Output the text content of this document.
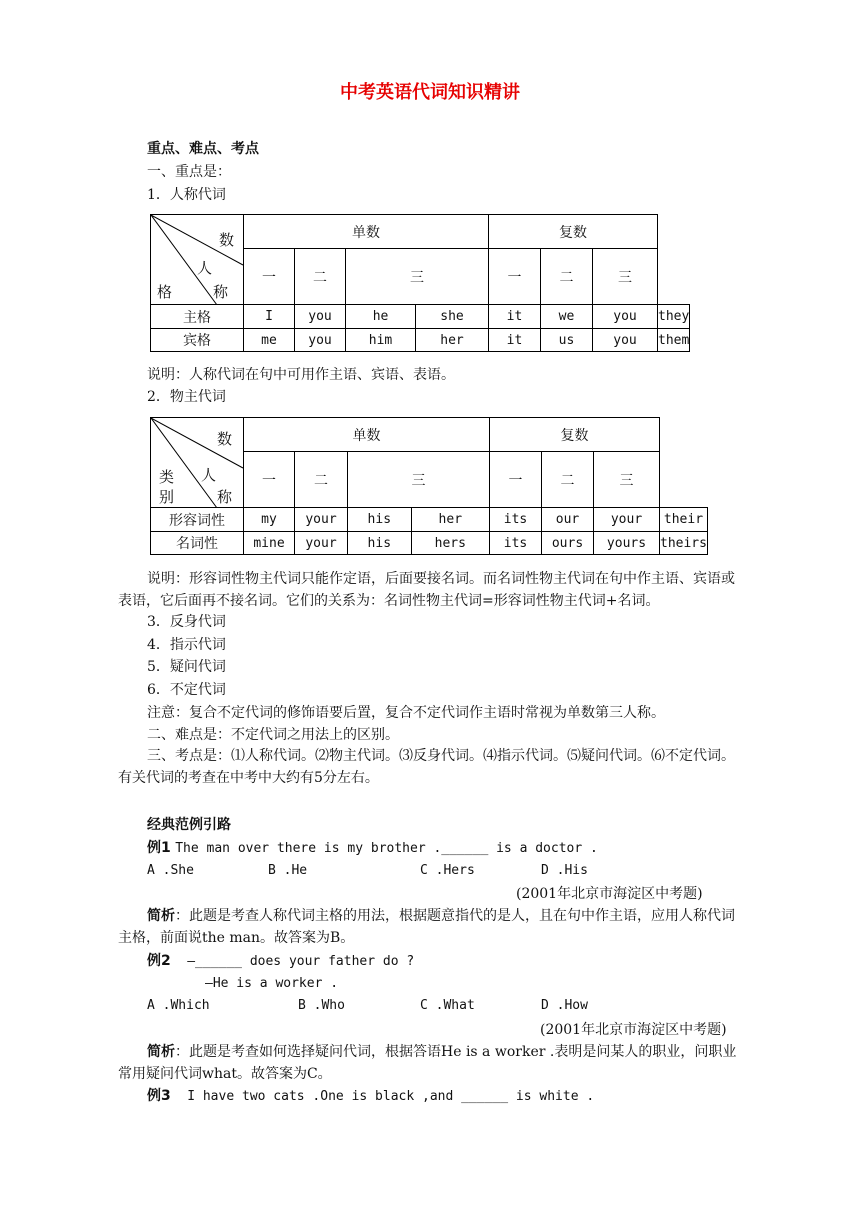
中考英语代词知识精讲
重点、难点、考点
一、重点是：
1．人称代词
数
人
格 称	单数				复数			
	一	二	三		一	二	三	
主格	I	you	he	she	it	we	you	they
宾格	me	you	him	her	it	us	you	them
说明：人称代词在句中可用作主语、宾语、表语。
2．物主代词
数
人
类
别 称	单数				复数			
	一	二	三		一	二	三	
形容词性	my	your	his	her	its	our	your	their
名词性	mine	your	his	hers	its	ours	yours	theirs
说明：形容词性物主代词只能作定语，后面要接名词。而名词性物主代词在句中作主语、宾语或表语，它后面再不接名词。它们的关系为：名词性物主代词=形容词性物主代词+名词。
3．反身代词
4．指示代词
5．疑问代词
6．不定代词
注意：复合不定代词的修饰语要后置，复合不定代词作主语时常视为单数第三人称。
二、难点是：不定代词之用法上的区别。
三、考点是：⑴人称代词。⑵物主代词。⑶反身代词。⑷指示代词。⑸疑问代词。⑹不定代词。有关代词的考查在中考中大约有5分左右。
经典范例引路
例1 The man over there is my brother .______ is a doctor .
A .She	B .He	C .Hers	D .His
(2001年北京市海淀区中考题)
简析：此题是考查人称代词主格的用法，根据题意指代的是人，且在句中作主语，应用人称代词主格，前面说the man。故答案为B。
例2 —______ does your father do ?
—He is a worker .
A .Which	B .Who	C .What	D .How
(2001年北京市海淀区中考题)
简析：此题是考查如何选择疑问代词，根据答语He is a worker .表明是问某人的职业，问职业常用疑问代词what。故答案为C。
例3 I have two cats .One is black ,and ______ is white .
